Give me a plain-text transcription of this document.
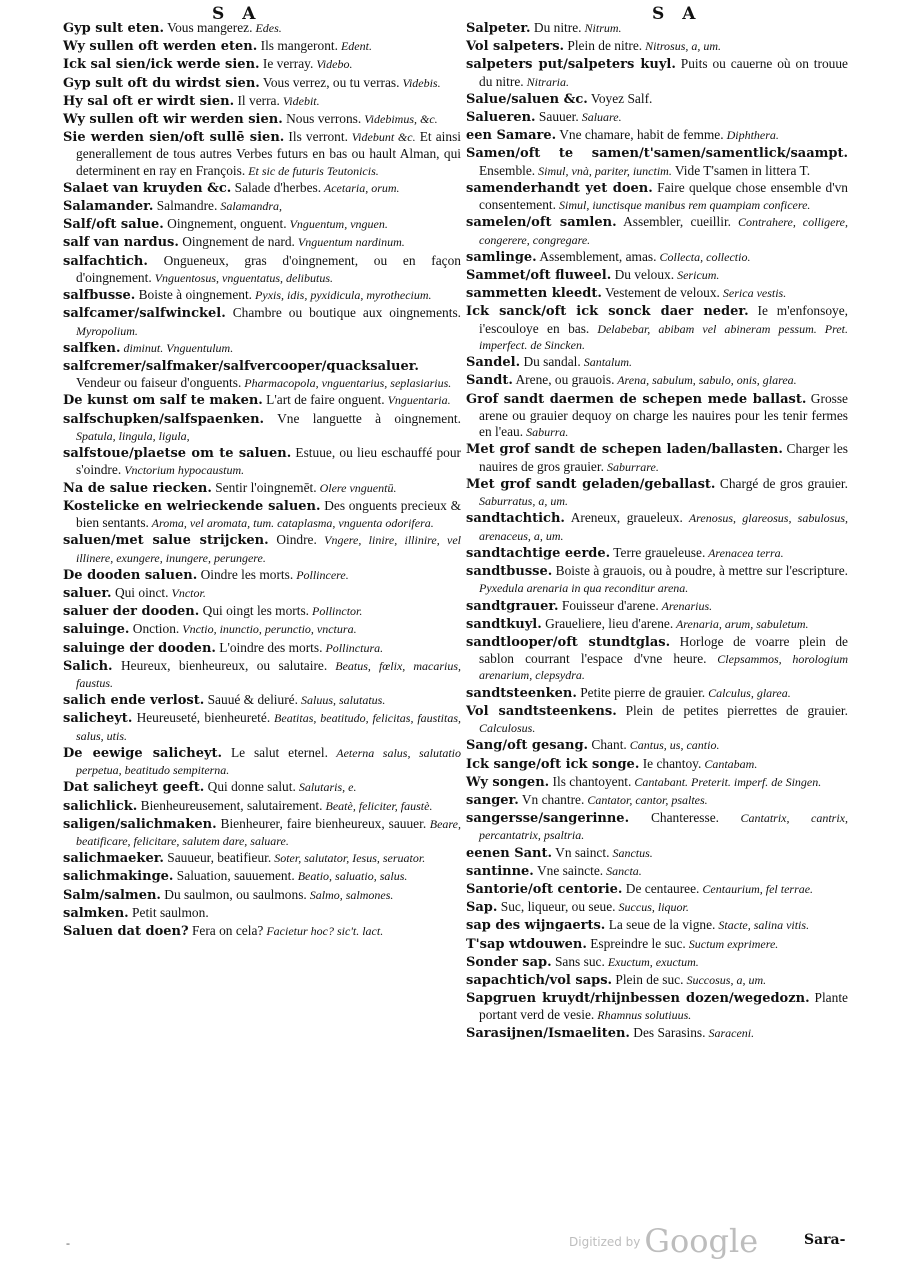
S A	S A
Gyp sult eten. Vous mangerez. Edes.
Wy sullen oft werden eten. Ils mangeront. Edent.
Ick sal sien/ick werde sien. Ie verray. Videbo.
Gyp sult oft du wirdst sien. Vous verrez, ou tu verras. Videbis.
Hy sal oft er wirdt sien. Il verra. Videbit.
Wy sullen oft wir werden sien. Nous verrons. Videbimus, &c.
Sie werden sien/oft sullē sien. Ils verront. Videbunt &c. Et ainsi generallement de tous autres Verbes futurs en bas ou hault Alman, qui determinent en ray en François. Et sic de futuris Teutonicis.
Salaet van kruyden &c. Salade d'herbes. Acetaria, orum.
Salamander. Salmandre. Salamandra,
Salf/oft salue. Oingnement, onguent. Vnguentum, vnguen.
salf van nardus. Oingnement de nard. Vnguentum nardinum.
salfachtich. Ongueneux, gras d'oingnement, ou en façon d'oingnement. Vnguentosus, vnguentatus, delibutus.
salfbusse. Boiste à oingnement. Pyxis, idis, pyxidicula, myrothecium.
salfcamer/salfwinckel. Chambre ou boutique aux oingnements. Myropolium.
salfken. diminut. Vnguentulum.
salfcremer/salfmaker/salfvercooper/quacksaluer. Vendeur ou faiseur d'onguents. Pharmacopola, vnguentarius, seplasiarius.
De kunst om salf te maken. L'art de faire onguent. Vnguentaria.
salfschupken/salfspaenken. Vne languette à oingnement. Spatula, lingula, ligula,
salfstoue/plaetse om te saluen. Estuue, ou lieu eschauffé pour s'oindre. Vnctorium hypocaustum.
Na de salue riecken. Sentir l'oingnemēt. Olere vnguentū.
Kostelicke en welrieckende saluen. Des onguents precieux & bien sentants. Aroma, vel aromata, tum. cataplasma, vnguenta odorifera.
saluen/met salue strijcken. Oindre. Vngere, linire, illinire, vel illinere, exungere, inungere, perungere.
De dooden saluen. Oindre les morts. Pollincere.
saluer. Qui oinct. Vnctor.
saluer der dooden. Qui oingt les morts. Pollinctor.
saluinge. Onction. Vnctio, inunctio, perunctio, vnctura.
saluinge der dooden. L'oindre des morts. Pollinctura.
Salich. Heureux, bienheureux, ou salutaire. Beatus, fœlix, macarius, faustus.
salich ende verlost. Sauué & deliuré. Saluus, salutatus.
salicheyt. Heureuseté, bienheureté. Beatitas, beatitudo, felicitas, faustitas, salus, utis.
De eewige salicheyt. Le salut eternel. Aeterna salus, salutatio perpetua, beatitudo sempiterna.
Dat salicheyt geeft. Qui donne salut. Salutaris, e.
salichlick. Bienheureusement, salutairement. Beatè, feliciter, faustè.
saligen/salichmaken. Bienheurer, faire bienheureux, sauuer. Beare, beatificare, felicitare, salutem dare, saluare.
salichmaeker. Sauueur, beatifieur. Soter, salutator, Iesus, seruator.
salichmakinge. Saluation, sauuement. Beatio, saluatio, salus.
Salm/salmen. Du saulmon, ou saulmons. Salmo, salmones.
salmken. Petit saulmon.
Saluen dat doen? Fera on cela? Facietur hoc? sic't. lact.
Salpeter. Du nitre. Nitrum.
Vol salpeters. Plein de nitre. Nitrosus, a, um.
salpeters put/salpeters kuyl. Puits ou cauerne où on trouue du nitre. Nitraria.
Salue/saluen &c. Voyez Salf.
Salueren. Sauuer. Saluare.
een Samare. Vne chamare, habit de femme. Diphthera.
Samen/oft te samen/t'samen/samentlick/saampt. Ensemble. Simul, vnà, pariter, iunctim. Vide T'samen in littera T.
samenderhandt yet doen. Faire quelque chose ensemble d'vn consentement. Simul, iunctisque manibus rem quampiam conficere.
samelen/oft samlen. Assembler, cueillir. Contrahere, colligere, congerere, congregare.
samlinge. Assemblement, amas. Collecta, collectio.
Sammet/oft fluweel. Du veloux. Sericum.
sammetten kleedt. Vestement de veloux. Serica vestis.
Ick sanck/oft ick sonck daer neder. Ie m'enfonsoye, i'escouloye en bas. Delabebar, abibam vel abineram pessum. Pret. imperfect. de Sincken.
Sandel. Du sandal. Santalum.
Sandt. Arene, ou grauois. Arena, sabulum, sabulo, onis, glarea.
Grof sandt daermen de schepen mede ballast. Grosse arene ou grauier dequoy on charge les nauires pour les tenir fermes en l'eau. Saburra.
Met grof sandt de schepen laden/ballasten. Charger les nauires de gros grauier. Saburrare.
Met grof sandt geladen/geballast. Chargé de gros grauier. Saburratus, a, um.
sandtachtich. Areneux, graueleux. Arenosus, glareosus, sabulosus, arenaceus, a, um.
sandtachtige eerde. Terre graueleuse. Arenacea terra.
sandtbusse. Boiste à grauois, ou à poudre, à mettre sur l'escripture. Pyxedula arenaria in qua reconditur arena.
sandtgrauer. Fouisseur d'arene. Arenarius.
sandtkuyl. Graueliere, lieu d'arene. Arenaria, arum, sabuletum.
sandtlooper/oft stundtglas. Horloge de voarre plein de sablon courrant l'espace d'vne heure. Clepsammos, horologium arenarium, clepsydra.
sandtsteenken. Petite pierre de grauier. Calculus, glarea.
Vol sandtsteenkens. Plein de petites pierrettes de grauier. Calculosus.
Sang/oft gesang. Chant. Cantus, us, cantio.
Ick sange/oft ick songe. Ie chantoy. Cantabam.
Wy songen. Ils chantoyent. Cantabant. Preterit. imperf. de Singen.
sanger. Vn chantre. Cantator, cantor, psaltes.
sangersse/sangerinne. Chanteresse. Cantatrix, cantrix, percantatrix, psaltria.
eenen Sant. Vn sainct. Sanctus.
santinne. Vne saincte. Sancta.
Santorie/oft centorie. De centauree. Centaurium, fel terrae.
Sap. Suc, liqueur, ou seue. Succus, liquor.
sap des wijngaerts. La seue de la vigne. Stacte, salina vitis.
T'sap wtdouwen. Espreindre le suc. Suctum exprimere.
Sonder sap. Sans suc. Exuctum, exuctum.
sapachtich/vol saps. Plein de suc. Succosus, a, um.
Sapgruen kruydt/rhijnbessen dozen/wegedozn. Plante portant verd de vesie. Rhamnus solutiuus.
Sarasijnen/Ismaeliten. Des Sarasins. Saraceni.
-	$^{Digitized by}$ Google	Sara-
